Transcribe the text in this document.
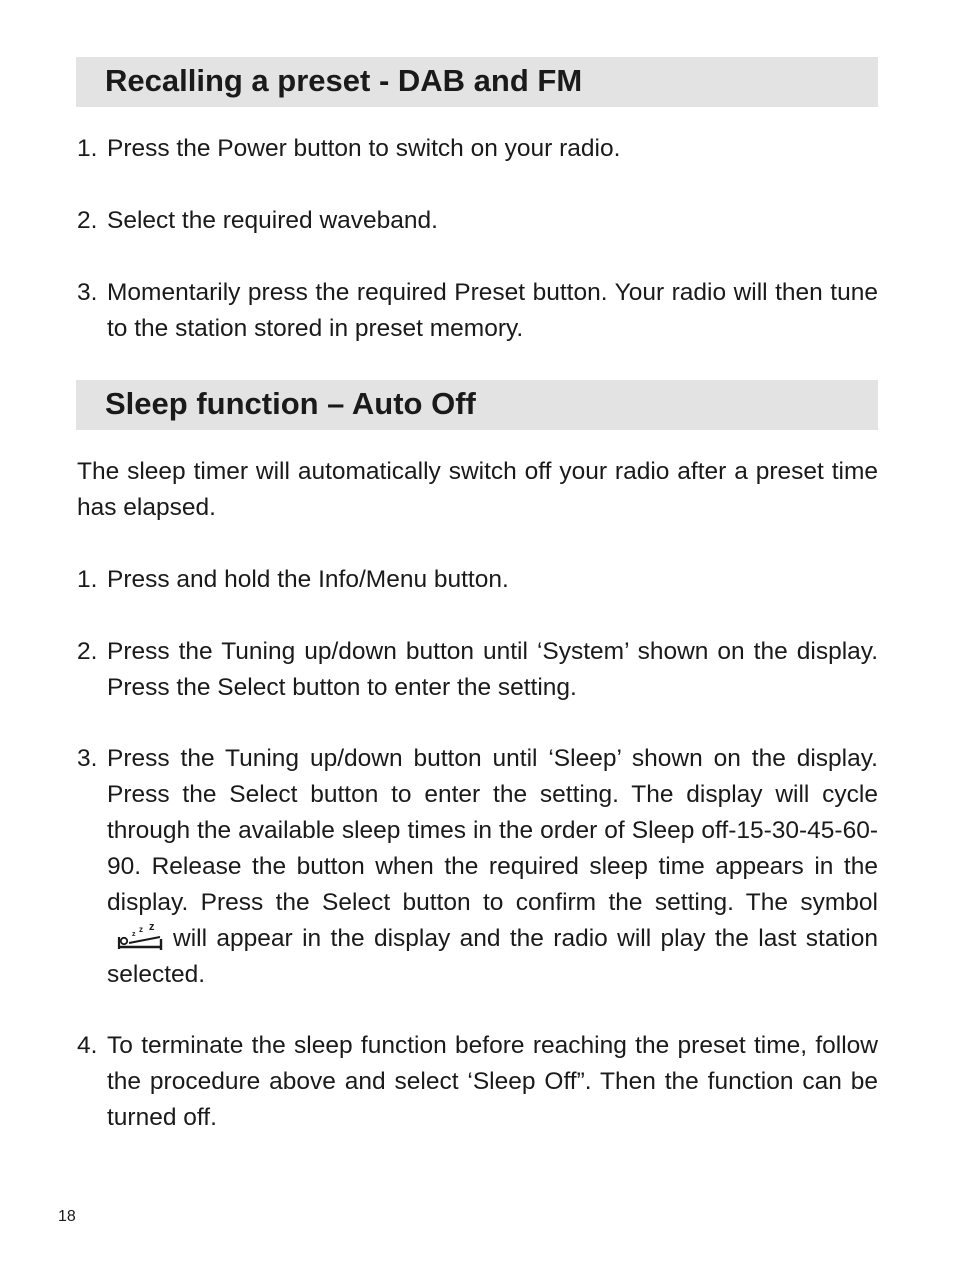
Recalling a preset - DAB and FM
1. Press the Power button to switch on your radio.
2. Select the required waveband.
3. Momentarily press the required Preset button. Your radio will then tune to the station stored in preset memory.
Sleep function – Auto Off

The sleep timer will automatically switch off your radio after a preset time has elapsed.

1. Press and hold the Info/Menu button.
2. Press the Tuning up/down button until ‘System’ shown on the display. Press the Select button to enter the setting.
3. Press the Tuning up/down button until ‘Sleep’ shown on the display. Press the Select button to enter the setting. The display will cycle through the available sleep times in the order of Sleep off-15-30-45-60-90. Release the button when the required sleep time appears in the display. Press the Select button to confirm the setting. The symbol
z
z z will appear in the display and the radio will play the last station selected.
4. To terminate the sleep function before reaching the preset time, follow the procedure above and select ‘Sleep Off”. Then the function can be turned off.
18
